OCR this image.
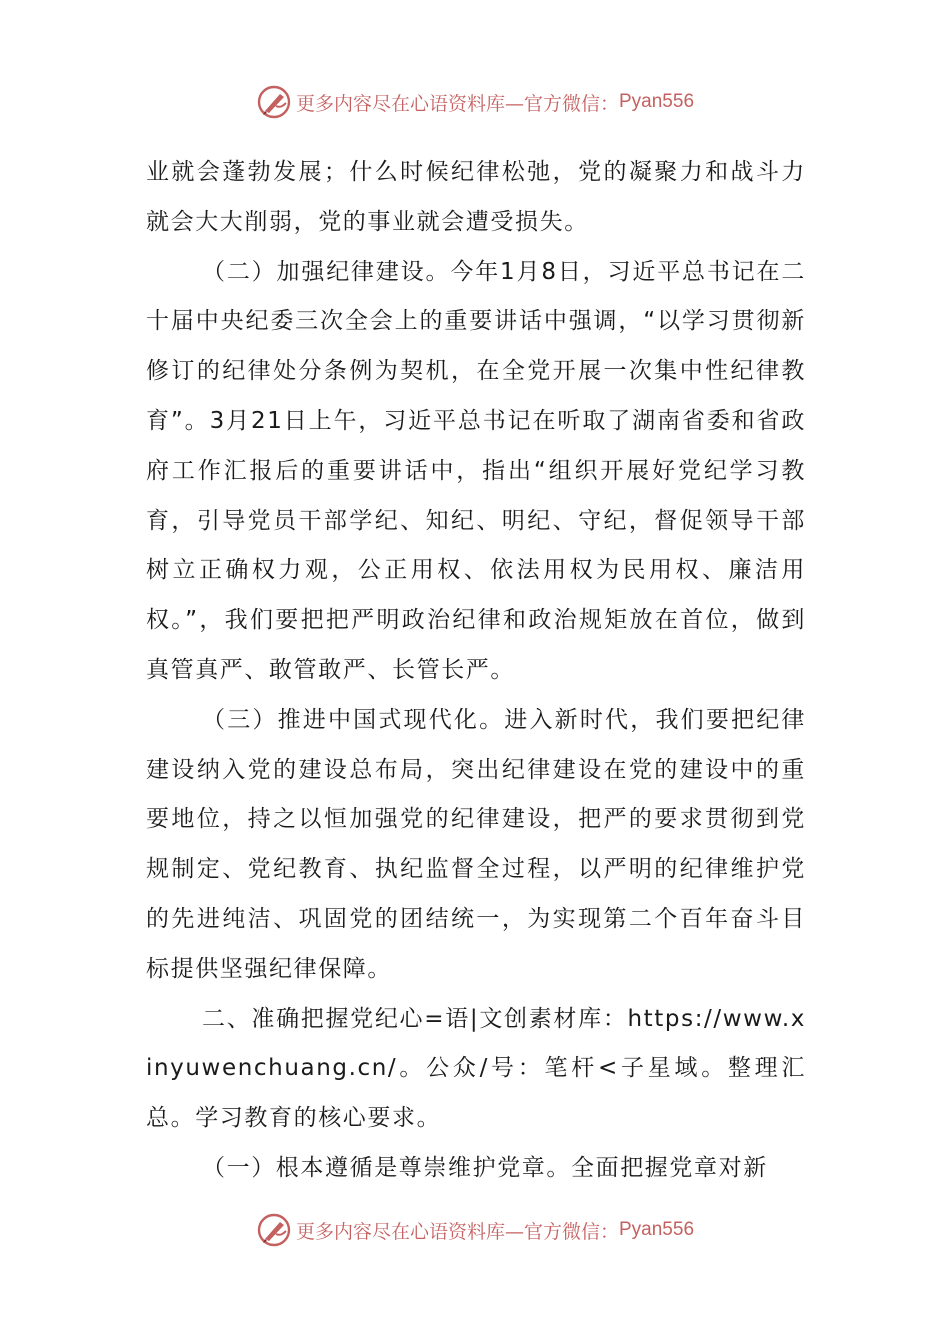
更多内容尽在心语资料库—官方微信： Pyan556

业就会蓬勃发展；什么时候纪律松弛，党的凝聚力和战斗力就会大大削弱，党的事业就会遭受损失。

（二）加强纪律建设。今年1月8日，习近平总书记在二十届中央纪委三次全会上的重要讲话中强调，“以学习贯彻新修订的纪律处分条例为契机，在全党开展一次集中性纪律教育”。3月21日上午，习近平总书记在听取了湖南省委和省政府工作汇报后的重要讲话中，指出“组织开展好党纪学习教育，引导党员干部学纪、知纪、明纪、守纪，督促领导干部树立正确权力观，公正用权、依法用权为民用权、廉洁用权。”，我们要把把严明政治纪律和政治规矩放在首位，做到真管真严、敢管敢严、长管长严。

（三）推进中国式现代化。进入新时代，我们要把纪律建设纳入党的建设总布局，突出纪律建设在党的建设中的重要地位，持之以恒加强党的纪律建设，把严的要求贯彻到党规制定、党纪教育、执纪监督全过程，以严明的纪律维护党的先进纯洁、巩固党的团结统一，为实现第二个百年奋斗目标提供坚强纪律保障。

二、准确把握党纪心=语|文创素材库：https://www.xinyuwenchuang.cn/。公众/号：笔杆<子星域。整理汇总。学习教育的核心要求。

（一）根本遵循是尊崇维护党章。全面把握党章对新

更多内容尽在心语资料库—官方微信： Pyan556
